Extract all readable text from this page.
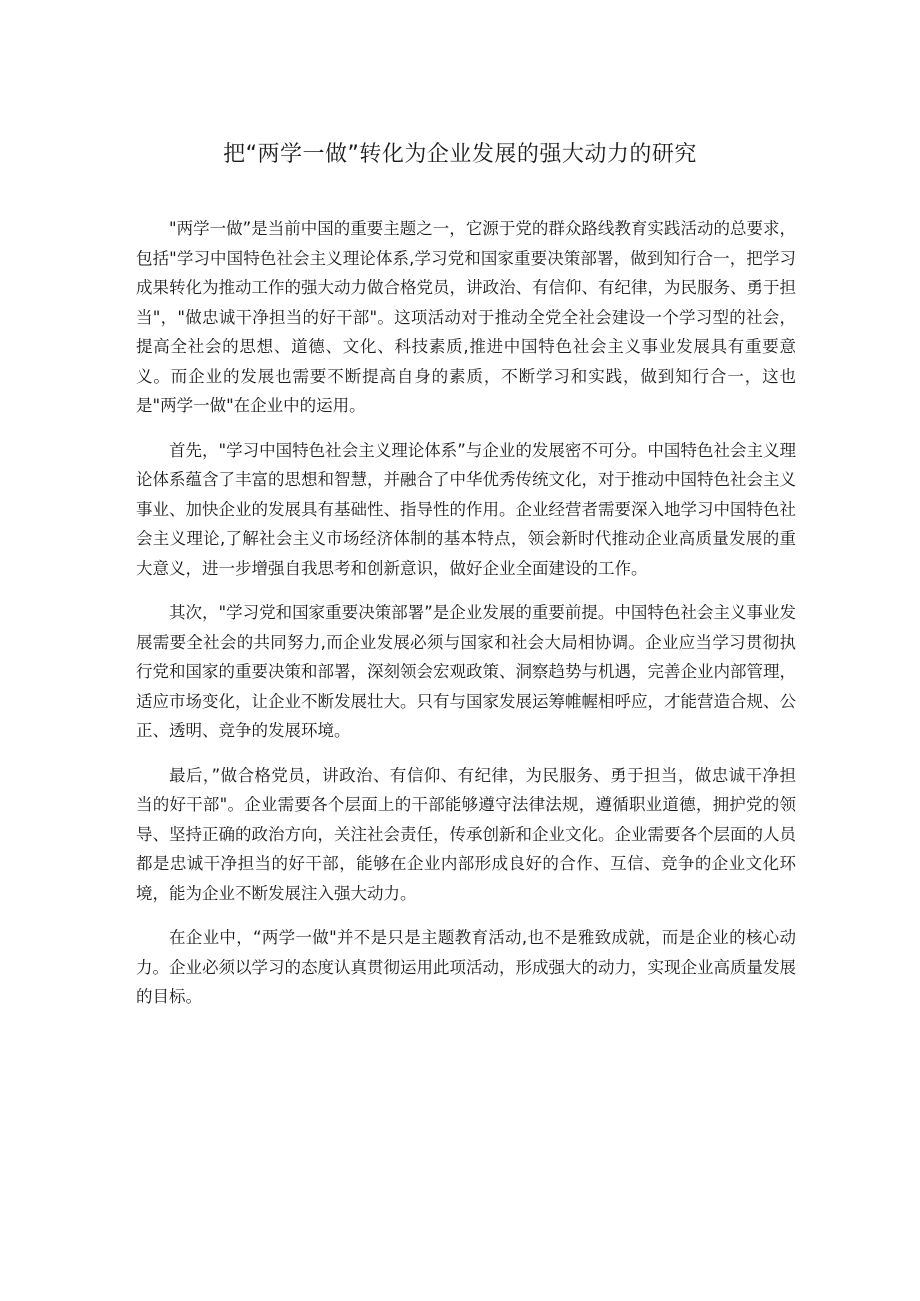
把“两学一做”转化为企业发展的强大动力的研究

"两学一做”是当前中国的重要主题之一，它源于党的群众路线教育实践活动的总要求，包括"学习中国特色社会主义理论体系,学习党和国家重要决策部署，做到知行合一，把学习成果转化为推动工作的强大动力做合格党员，讲政治、有信仰、有纪律，为民服务、勇于担当"，"做忠诚干净担当的好干部"。这项活动对于推动全党全社会建设一个学习型的社会，提高全社会的思想、道德、文化、科技素质,推进中国特色社会主义事业发展具有重要意义。而企业的发展也需要不断提高自身的素质，不断学习和实践，做到知行合一，这也是"两学一做"在企业中的运用。

首先，"学习中国特色社会主义理论体系”与企业的发展密不可分。中国特色社会主义理论体系蕴含了丰富的思想和智慧，并融合了中华优秀传统文化，对于推动中国特色社会主义事业、加快企业的发展具有基础性、指导性的作用。企业经营者需要深入地学习中国特色社会主义理论,了解社会主义市场经济体制的基本特点，领会新时代推动企业高质量发展的重大意义，进一步增强自我思考和创新意识，做好企业全面建设的工作。

其次，"学习党和国家重要决策部署”是企业发展的重要前提。中国特色社会主义事业发展需要全社会的共同努力,而企业发展必须与国家和社会大局相协调。企业应当学习贯彻执行党和国家的重要决策和部署，深刻领会宏观政策、洞察趋势与机遇，完善企业内部管理，适应市场变化，让企业不断发展壮大。只有与国家发展运筹帷幄相呼应，才能营造合规、公正、透明、竞争的发展环境。

最后，”做合格党员，讲政治、有信仰、有纪律，为民服务、勇于担当，做忠诚干净担当的好干部"。企业需要各个层面上的干部能够遵守法律法规，遵循职业道德，拥护党的领导、坚持正确的政治方向，关注社会责任，传承创新和企业文化。企业需要各个层面的人员都是忠诚干净担当的好干部，能够在企业内部形成良好的合作、互信、竞争的企业文化环境，能为企业不断发展注入强大动力。

在企业中，“两学一做"并不是只是主题教育活动,也不是雅致成就，而是企业的核心动力。企业必须以学习的态度认真贯彻运用此项活动，形成强大的动力，实现企业高质量发展的目标。
